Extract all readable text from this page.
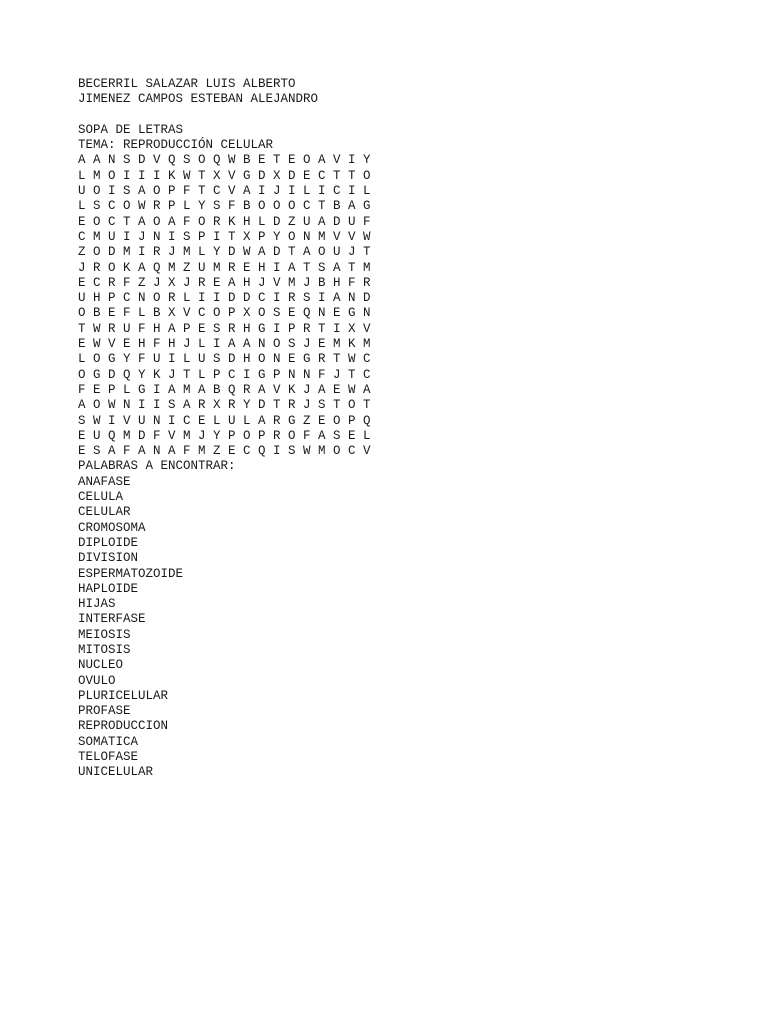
BECERRIL SALAZAR LUIS ALBERTO
JIMENEZ CAMPOS ESTEBAN ALEJANDRO
SOPA DE LETRAS
TEMA: REPRODUCCIÓN CELULAR
A A N S D V Q S O Q W B E T E O A V I Y
L M O I I I K W T X V G D X D E C T T O
U O I S A O P F T C V A I J I L I C I L
L S C O W R P L Y S F B O O O C T B A G
E O C T A O A F O R K H L D Z U A D U F
C M U I J N I S P I T X P Y O N M V V W
Z O D M I R J M L Y D W A D T A O U J T
J R O K A Q M Z U M R E H I A T S A T M
E C R F Z J X J R E A H J V M J B H F R
U H P C N O R L I I D D C I R S I A N D
O B E F L B X V C O P X O S E Q N E G N
T W R U F H A P E S R H G I P R T I X V
E W V E H F H J L I A A N O S J E M K M
L O G Y F U I L U S D H O N E G R T W C
O G D Q Y K J T L P C I G P N N F J T C
F E P L G I A M A B Q R A V K J A E W A
A O W N I I S A R X R Y D T R J S T O T
S W I V U N I C E L U L A R G Z E O P Q
E U Q M D F V M J Y P O P R O F A S E L
E S A F A N A F M Z E C Q I S W M O C V
PALABRAS A ENCONTRAR:
ANAFASE
CELULA
CELULAR
CROMOSOMA
DIPLOIDE
DIVISION
ESPERMATOZOIDE
HAPLOIDE
HIJAS
INTERFASE
MEIOSIS
MITOSIS
NUCLEO
OVULO
PLURICELULAR
PROFASE
REPRODUCCION
SOMATICA
TELOFASE
UNICELULAR
